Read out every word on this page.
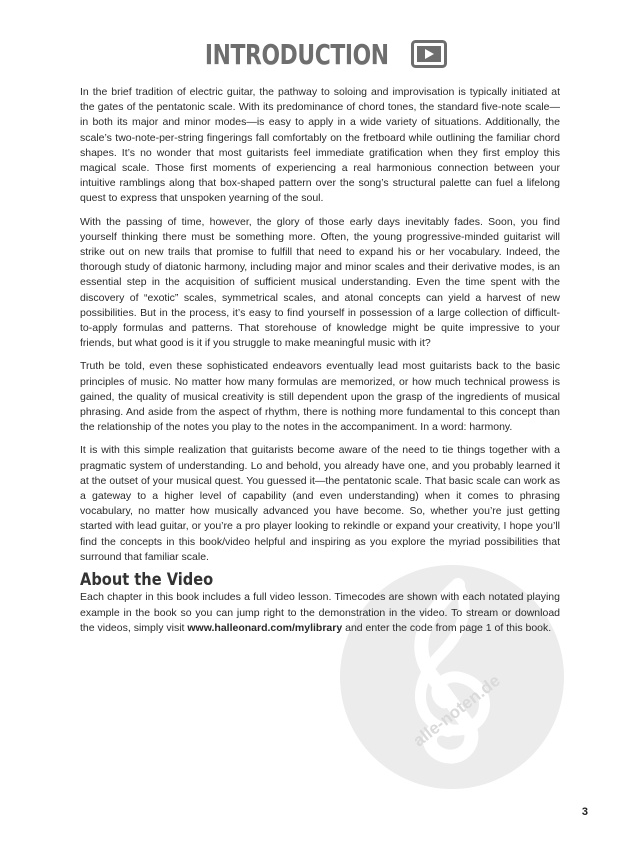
alle-noten.de
INTRODUCTION

In the brief tradition of electric guitar, the pathway to soloing and improvisation is typically initiated at the gates of the pentatonic scale. With its predominance of chord tones, the standard five-note scale—in both its major and minor modes—is easy to apply in a wide variety of situations. Additionally, the scale’s two-note-per-string fingerings fall comfortably on the fretboard while outlining the familiar chord shapes. It’s no wonder that most guitarists feel immediate gratification when they first employ this magical scale. Those first moments of experiencing a real harmonious connection between your intuitive ramblings along that box-shaped pattern over the song’s structural palette can fuel a lifelong quest to express that unspoken yearning of the soul.

With the passing of time, however, the glory of those early days inevitably fades. Soon, you find yourself thinking there must be something more. Often, the young progressive-minded guitarist will strike out on new trails that promise to fulfill that need to expand his or her vocabulary. Indeed, the thorough study of diatonic harmony, including major and minor scales and their derivative modes, is an essential step in the acquisition of sufficient musical understanding. Even the time spent with the discovery of “exotic” scales, symmetrical scales, and atonal concepts can yield a harvest of new possibilities. But in the process, it’s easy to find yourself in possession of a large collection of difficult-to-apply formulas and patterns. That storehouse of knowledge might be quite impressive to your friends, but what good is it if you struggle to make meaningful music with it?

Truth be told, even these sophisticated endeavors eventually lead most guitarists back to the basic principles of music. No matter how many formulas are memorized, or how much technical prowess is gained, the quality of musical creativity is still dependent upon the grasp of the ingredients of musical phrasing. And aside from the aspect of rhythm, there is nothing more fundamental to this concept than the relationship of the notes you play to the notes in the accompaniment. In a word: harmony.

It is with this simple realization that guitarists become aware of the need to tie things together with a pragmatic system of understanding. Lo and behold, you already have one, and you probably learned it at the outset of your musical quest. You guessed it—the pentatonic scale. That basic scale can work as a gateway to a higher level of capability (and even understanding) when it comes to phrasing vocabulary, no matter how musically advanced you have become. So, whether you’re just getting started with lead guitar, or you’re a pro player looking to rekindle or expand your creativity, I hope you’ll find the concepts in this book/video helpful and inspiring as you explore the myriad possibilities that surround that familiar scale.

About the Video

Each chapter in this book includes a full video lesson. Timecodes are shown with each notated playing example in the book so you can jump right to the demonstration in the video. To stream or download the videos, simply visit www.halleonard.com/mylibrary and enter the code from page 1 of this book.

3
